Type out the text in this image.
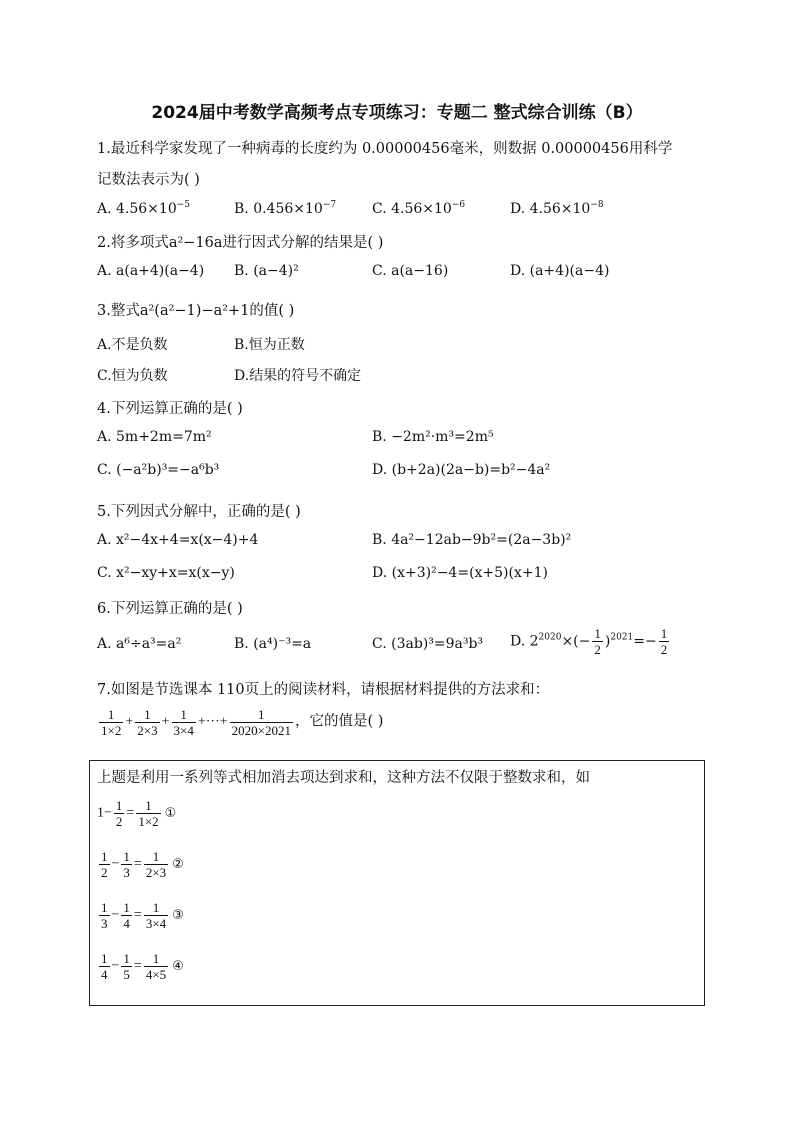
2024届中考数学高频考点专项练习：专题二 整式综合训练（B）
1.最近科学家发现了一种病毒的长度约为 0.00000456毫米，则数据 0.00000456用科学
记数法表示为( )
A. $4.56\times 10^{-5}$	B. $0.456\times 10^{-7}$	C. $4.56\times 10^{-6}$	D. $4.56\times 10^{-8}$
2.将多项式a²−16a进行因式分解的结果是( )
A. a(a+4)(a−4) B. (a−4)²	C. a(a−16)	D. (a+4)(a−4)
3.整式a²(a²−1)−a²+1的值( )
A.不是负数	B.恒为正数
C.恒为负数	D.结果的符号不确定
4.下列运算正确的是( )
A. 5m+2m=7m²	B. −2m²·m³=2m⁵
C. (−a²b)³=−a⁶b³	D. (b+2a)(2a−b)=b²−4a²
5.下列因式分解中，正确的是( )
A. x²−4x+4=x(x−4)+4	B. 4a²−12ab−9b²=(2a−3b)²
C. x²−xy+x=x(x−y)	D. (x+3)²−4=(x+5)(x+1)
6.下列运算正确的是( )
A. a⁶÷a³=a²	B. (a⁴)⁻³=a	C. (3ab)³=9a³b³ D. $2^{2020}\times(- \frac{1}{2} )^{2021}=- \frac{1}{2}$
7.如图是节选课本 110页上的阅读材料，请根据材料提供的方法求和：
$\frac{1}{1\times 2} + \frac{1}{2\times 3} + \frac{1}{3\times 4}$ +···+ $\frac{1}{2020\times 2021}$ ，它的值是( )
上题是利用一系列等式相加消去项达到求和，这种方法不仅限于整数求和，如
$1- \frac{1}{2} = \frac{1}{1\times 2}$ ①
$\frac{1}{2} - \frac{1}{3} = \frac{1}{2\times 3}$ ②
$\frac{1}{3} - \frac{1}{4} = \frac{1}{3\times 4}$ ③
$\frac{1}{4} - \frac{1}{5} = \frac{1}{4\times 5}$ ④
